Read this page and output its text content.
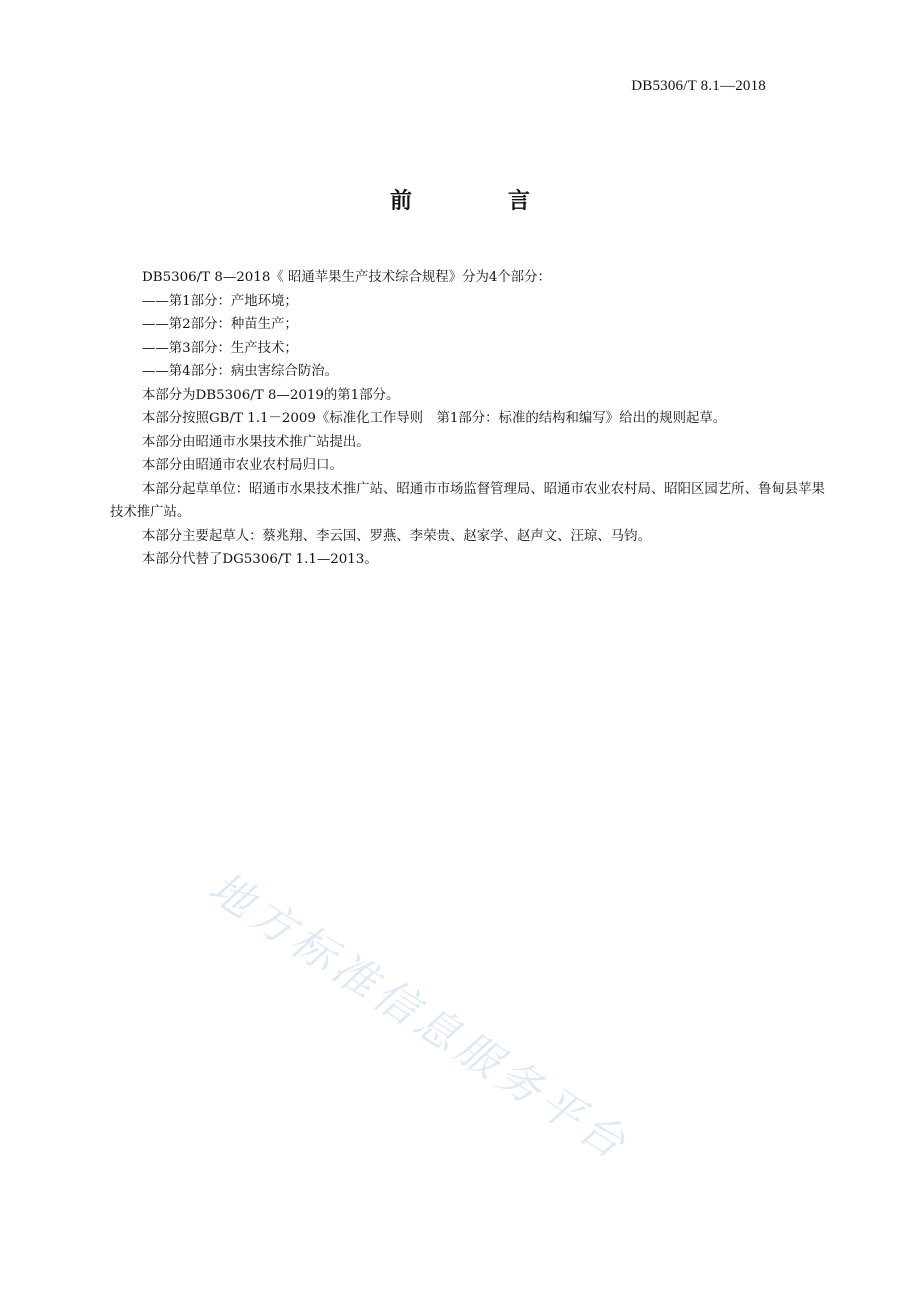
DB5306/T 8.1—2018
前	言

DB5306/T 8—2018《 昭通苹果生产技术综合规程》分为4个部分：

——第1部分：产地环境；

——第2部分：种苗生产；

——第3部分：生产技术；

——第4部分：病虫害综合防治。

本部分为DB5306/T 8—2019的第1部分。

本部分按照GB/T 1.1－2009《标准化工作导则　第1部分：标准的结构和编写》给出的规则起草。

本部分由昭通市水果技术推广站提出。

本部分由昭通市农业农村局归口。

本部分起草单位：昭通市水果技术推广站、昭通市市场监督管理局、昭通市农业农村局、昭阳区园艺所、鲁甸县苹果技术推广站。

本部分主要起草人：蔡兆翔、李云国、罗燕、李荣贵、赵家学、赵声文、汪琼、马钧。

本部分代替了DG5306/T 1.1—2013。

地方标准信息服务平台
